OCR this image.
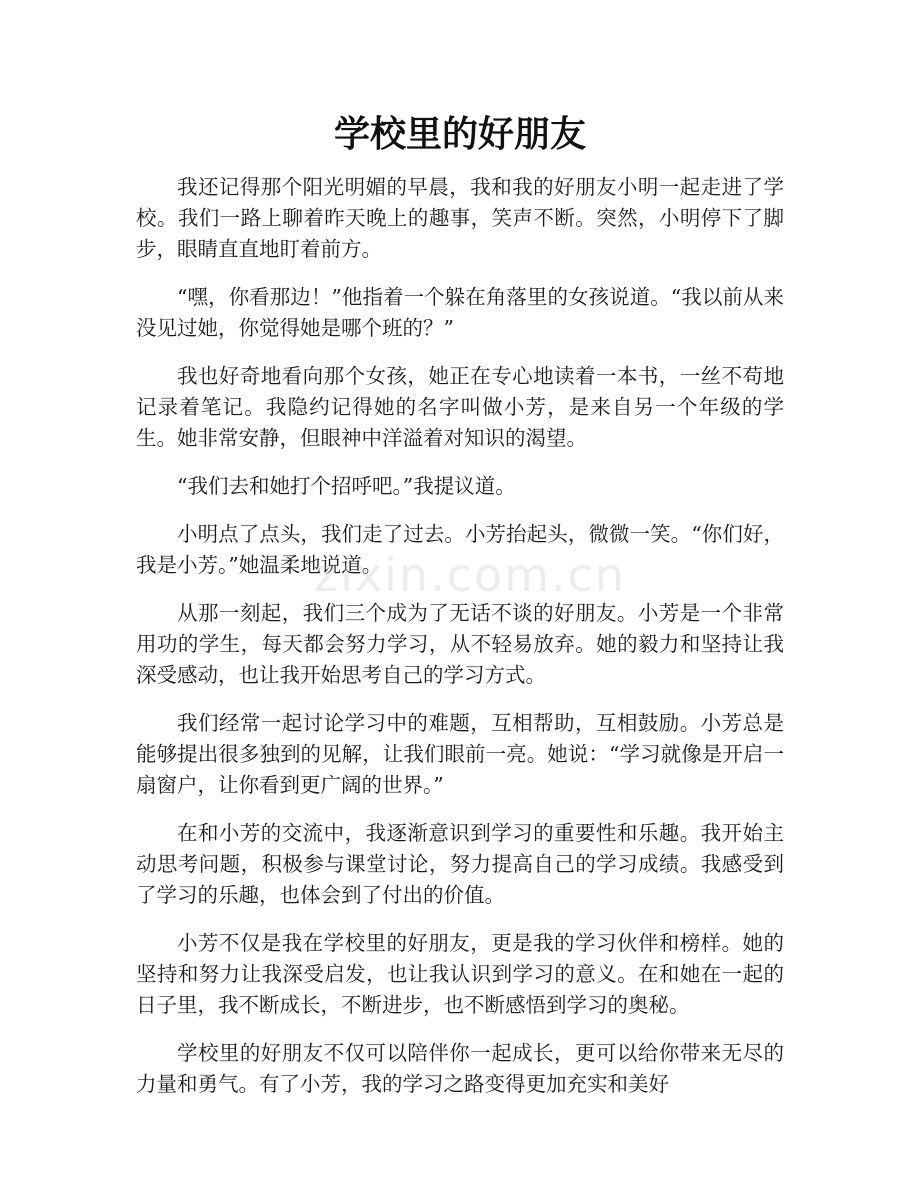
学校里的好朋友

我还记得那个阳光明媚的早晨，我和我的好朋友小明一起走进了学校。我们一路上聊着昨天晚上的趣事，笑声不断。突然，小明停下了脚步，眼睛直直地盯着前方。

“嘿，你看那边！”他指着一个躲在角落里的女孩说道。“我以前从来没见过她，你觉得她是哪个班的？”

我也好奇地看向那个女孩，她正在专心地读着一本书，一丝不苟地记录着笔记。我隐约记得她的名字叫做小芳，是来自另一个年级的学生。她非常安静，但眼神中洋溢着对知识的渴望。

“我们去和她打个招呼吧。”我提议道。

小明点了点头，我们走了过去。小芳抬起头，微微一笑。“你们好，我是小芳。”她温柔地说道。

从那一刻起，我们三个成为了无话不谈的好朋友。小芳是一个非常用功的学生，每天都会努力学习，从不轻易放弃。她的毅力和坚持让我深受感动，也让我开始思考自己的学习方式。

我们经常一起讨论学习中的难题，互相帮助，互相鼓励。小芳总是能够提出很多独到的见解，让我们眼前一亮。她说：“学习就像是开启一扇窗户，让你看到更广阔的世界。”

在和小芳的交流中，我逐渐意识到学习的重要性和乐趣。我开始主动思考问题，积极参与课堂讨论，努力提高自己的学习成绩。我感受到了学习的乐趣，也体会到了付出的价值。

小芳不仅是我在学校里的好朋友，更是我的学习伙伴和榜样。她的坚持和努力让我深受启发，也让我认识到学习的意义。在和她在一起的日子里，我不断成长，不断进步，也不断感悟到学习的奥秘。

学校里的好朋友不仅可以陪伴你一起成长，更可以给你带来无尽的力量和勇气。有了小芳，我的学习之路变得更加充实和美好

zixin.com.cn
